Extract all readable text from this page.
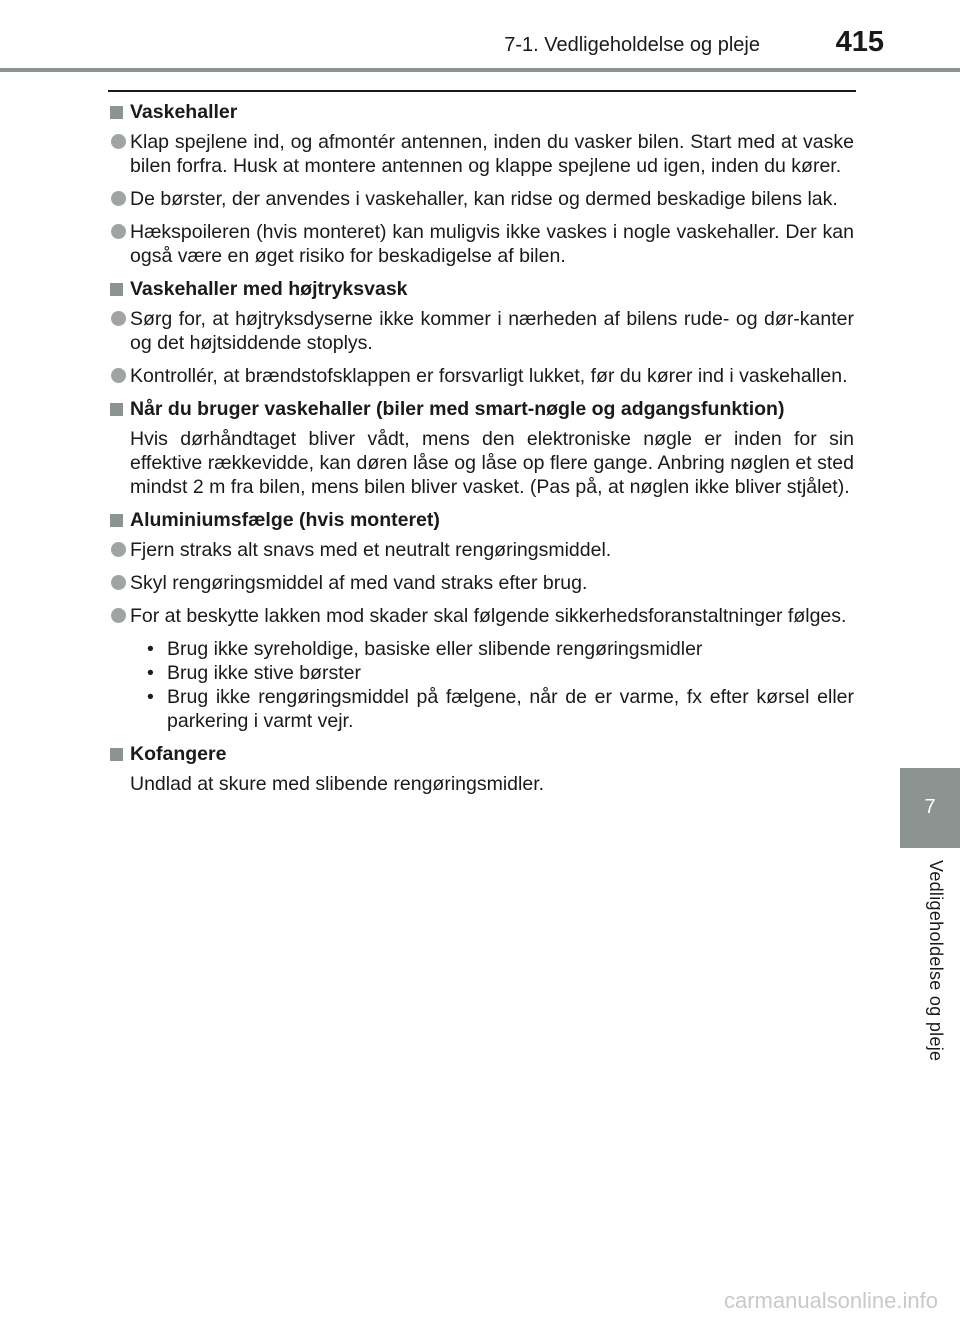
7-1. Vedligeholdelse og pleje	415
Vaskehaller
Klap spejlene ind, og afmontér antennen, inden du vasker bilen. Start med at vaske bilen forfra. Husk at montere antennen og klappe spejlene ud igen, inden du kører.
De børster, der anvendes i vaskehaller, kan ridse og dermed beskadige bilens lak.
Hækspoileren (hvis monteret) kan muligvis ikke vaskes i nogle vaskehaller. Der kan også være en øget risiko for beskadigelse af bilen.
Vaskehaller med højtryksvask
Sørg for, at højtryksdyserne ikke kommer i nærheden af bilens rude- og dør-kanter og det højtsiddende stoplys.
Kontrollér, at brændstofsklappen er forsvarligt lukket, før du kører ind i vaskehallen.
Når du bruger vaskehaller (biler med smart-nøgle og adgangsfunktion)
Hvis dørhåndtaget bliver vådt, mens den elektroniske nøgle er inden for sin effektive rækkevidde, kan døren låse og låse op flere gange. Anbring nøglen et sted mindst 2 m fra bilen, mens bilen bliver vasket. (Pas på, at nøglen ikke bliver stjålet).
Aluminiumsfælge (hvis monteret)
Fjern straks alt snavs med et neutralt rengøringsmiddel.
Skyl rengøringsmiddel af med vand straks efter brug.
For at beskytte lakken mod skader skal følgende sikkerhedsforanstaltninger følges.
• Brug ikke syreholdige, basiske eller slibende rengøringsmidler
• Brug ikke stive børster
• Brug ikke rengøringsmiddel på fælgene, når de er varme, fx efter kørsel eller parkering i varmt vejr.
Kofangere
Undlad at skure med slibende rengøringsmidler.
7
Vedligeholdelse og pleje
carmanualsonline.info
